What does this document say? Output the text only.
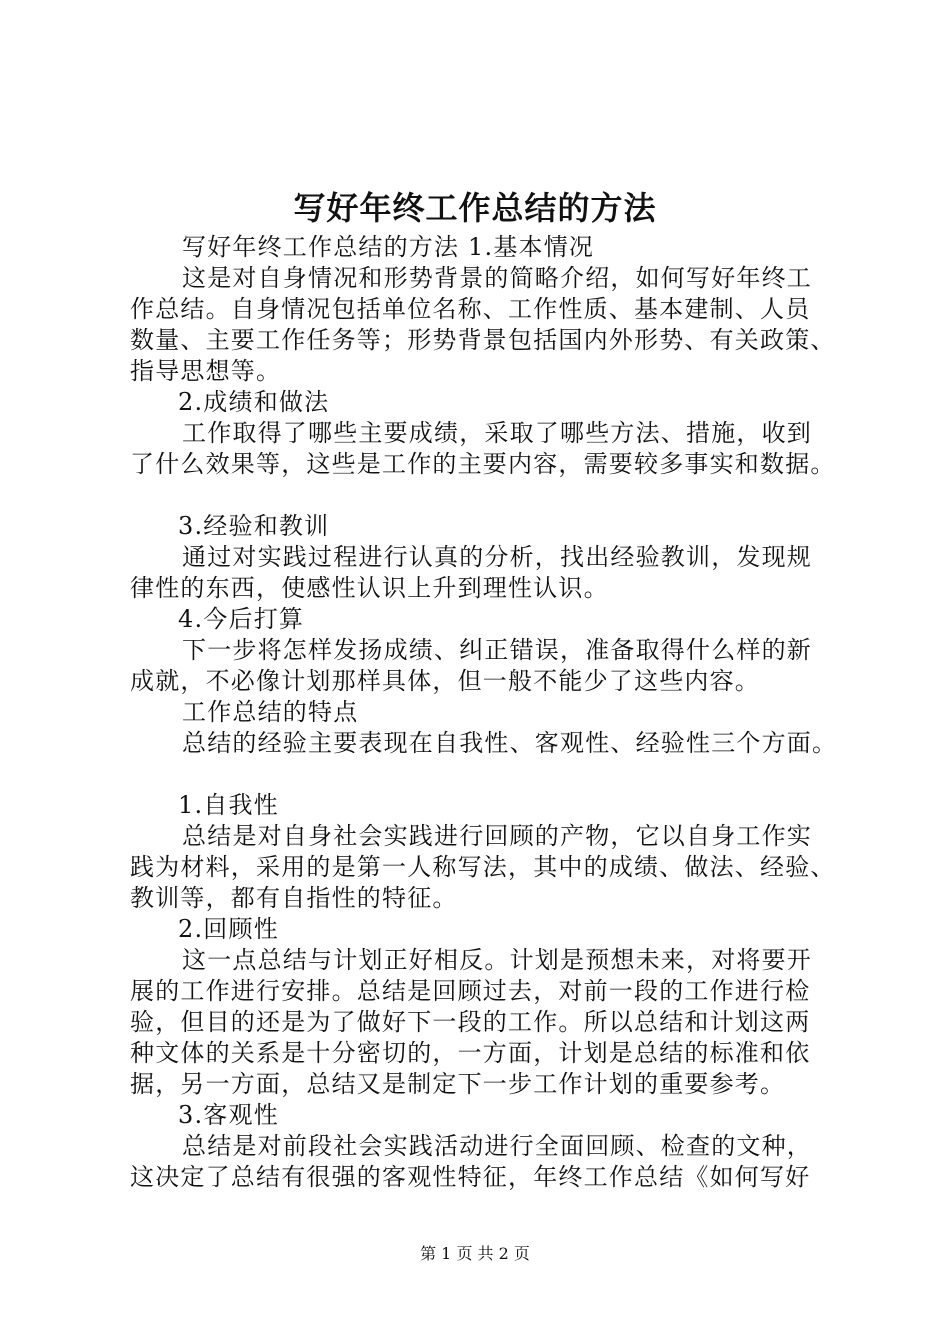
写好年终工作总结的方法

写好年终工作总结的方法 1.基本情况

这是对自身情况和形势背景的简略介绍，如何写好年终工

作总结。自身情况包括单位名称、工作性质、基本建制、人员

数量、主要工作任务等；形势背景包括国内外形势、有关政策、

指导思想等。

2.成绩和做法

工作取得了哪些主要成绩，采取了哪些方法、措施，收到

了什么效果等，这些是工作的主要内容，需要较多事实和数据。

3.经验和教训

通过对实践过程进行认真的分析，找出经验教训，发现规

律性的东西，使感性认识上升到理性认识。

4.今后打算

下一步将怎样发扬成绩、纠正错误，准备取得什么样的新

成就，不必像计划那样具体，但一般不能少了这些内容。

工作总结的特点

总结的经验主要表现在自我性、客观性、经验性三个方面。

1.自我性

总结是对自身社会实践进行回顾的产物，它以自身工作实

践为材料，采用的是第一人称写法，其中的成绩、做法、经验、

教训等，都有自指性的特征。

2.回顾性

这一点总结与计划正好相反。计划是预想未来，对将要开

展的工作进行安排。总结是回顾过去，对前一段的工作进行检

验，但目的还是为了做好下一段的工作。所以总结和计划这两

种文体的关系是十分密切的，一方面，计划是总结的标准和依

据，另一方面，总结又是制定下一步工作计划的重要参考。

3.客观性

总结是对前段社会实践活动进行全面回顾、检查的文种，

这决定了总结有很强的客观性特征，年终工作总结《如何写好

第 1 页 共 2 页
